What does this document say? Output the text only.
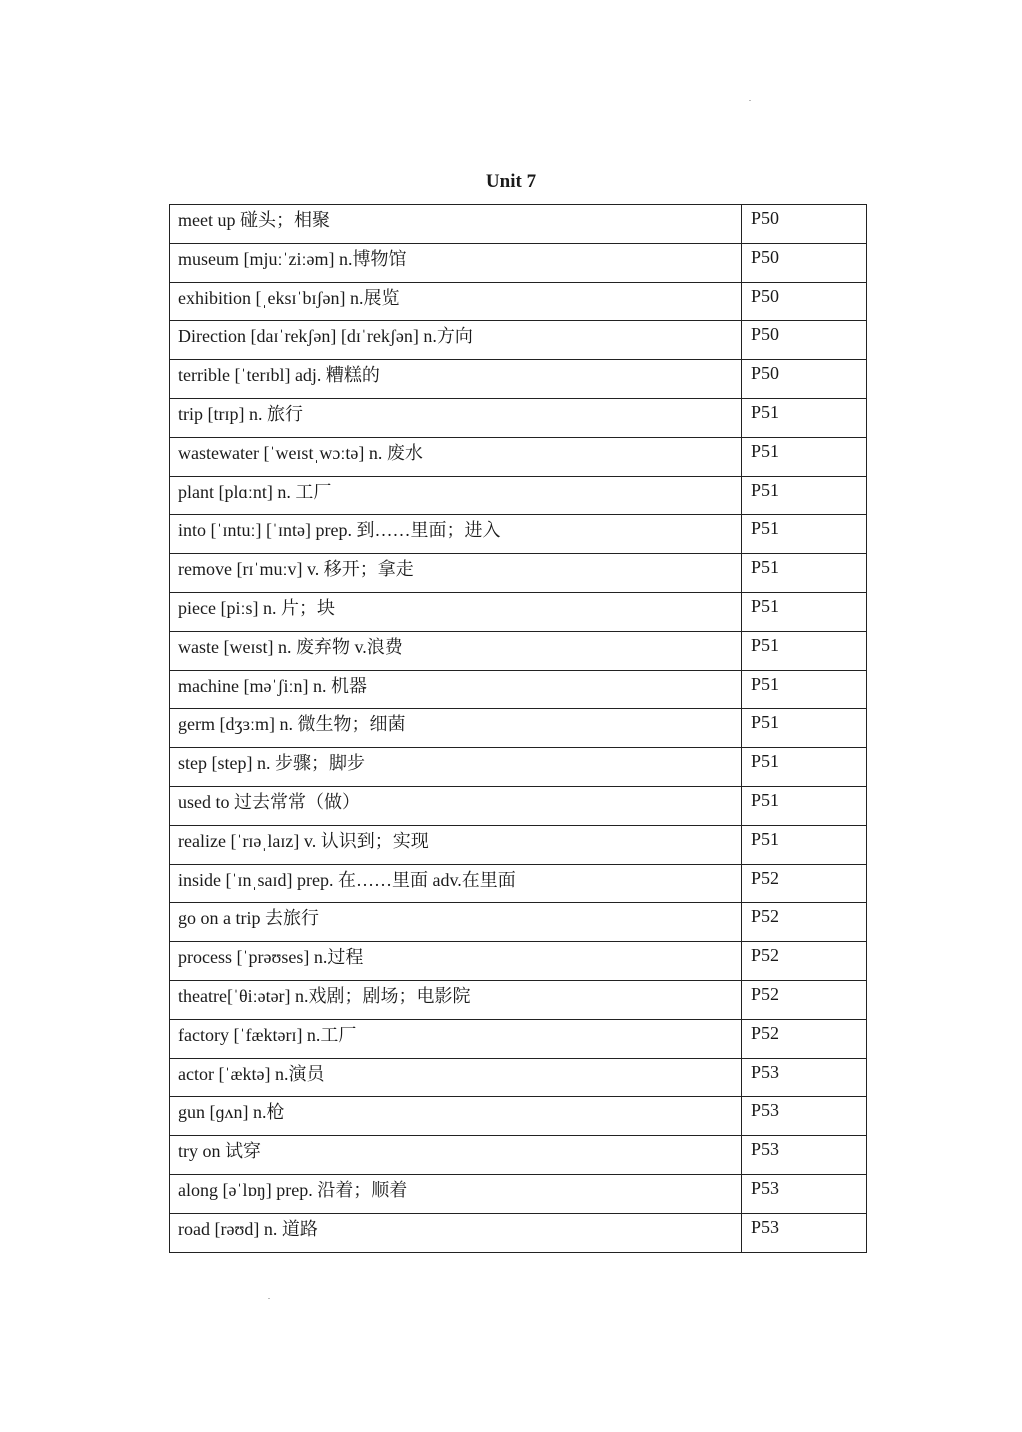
Unit 7
meet up 碰头；相聚	P50
museum [mjuːˈziːəm] n.博物馆	P50
exhibition [ˌeksɪˈbɪʃən] n.展览	P50
Direction [daɪˈrekʃən] [dɪˈrekʃən] n.方向	P50
terrible [ˈterɪbl] adj. 糟糕的	P50
trip [trɪp] n. 旅行	P51
wastewater [ˈweɪstˌwɔːtə] n. 废水	P51
plant [plɑːnt] n. 工厂	P51
into [ˈɪntuː] [ˈɪntə] prep. 到……里面；进入	P51
remove [rɪˈmuːv] v. 移开；拿走	P51
piece [piːs] n. 片；块	P51
waste [weɪst] n. 废弃物 v.浪费	P51
machine [məˈʃiːn] n. 机器	P51
germ [dʒɜːm] n. 微生物；细菌	P51
step [step] n. 步骤；脚步	P51
used to 过去常常（做）	P51
realize [ˈrɪəˌlaɪz] v. 认识到；实现	P51
inside [ˈɪnˌsaɪd] prep. 在……里面 adv.在里面	P52
go on a trip 去旅行	P52
process [ˈprəʊses] n.过程	P52
theatre[ˈθiːətər] n.戏剧；剧场；电影院	P52
factory [ˈfæktərɪ] n.工厂	P52
actor [ˈæktə] n.演员	P53
gun [ɡʌn] n.枪	P53
try on 试穿	P53
along [əˈlɒŋ] prep. 沿着；顺着	P53
road [rəʊd] n. 道路	P53
